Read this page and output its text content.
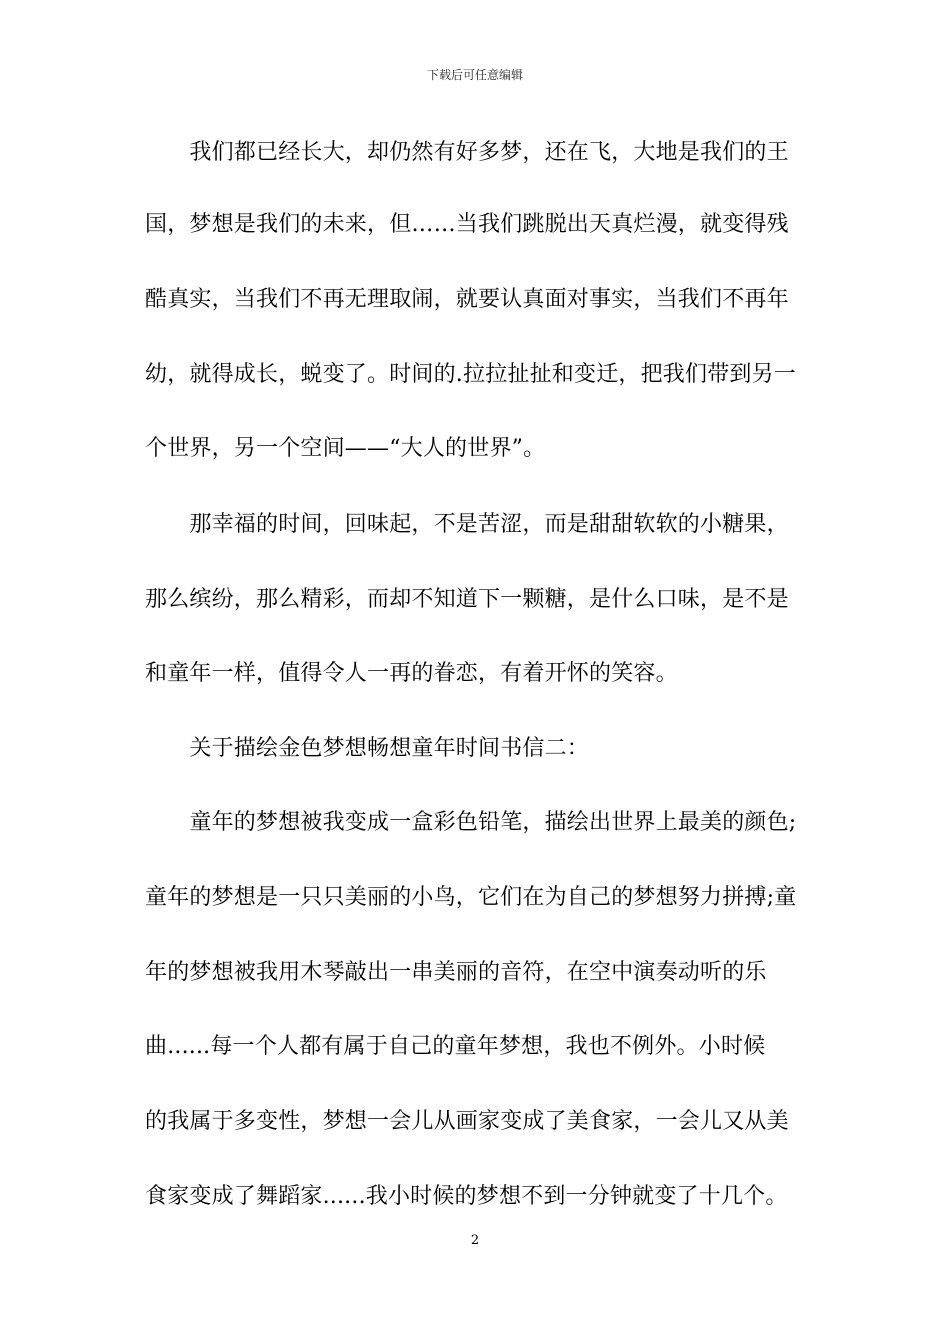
下载后可任意编辑
　　我们都已经长大，却仍然有好多梦，还在飞，大地是我们的王
国，梦想是我们的未来，但……当我们跳脱出天真烂漫，就变得残
酷真实，当我们不再无理取闹，就要认真面对事实，当我们不再年
幼，就得成长，蜕变了。时间的.拉拉扯扯和变迁，把我们带到另一
个世界，另一个空间——“大人的世界”。
　　那幸福的时间，回味起，不是苦涩，而是甜甜软软的小糖果，
那么缤纷，那么精彩，而却不知道下一颗糖，是什么口味，是不是
和童年一样，值得令人一再的眷恋，有着开怀的笑容。
　　关于描绘金色梦想畅想童年时间书信二：
　　童年的梦想被我变成一盒彩色铅笔，描绘出世界上最美的颜色;
童年的梦想是一只只美丽的小鸟，它们在为自己的梦想努力拼搏;童
年的梦想被我用木琴敲出一串美丽的音符，在空中演奏动听的乐
曲......每一个人都有属于自己的童年梦想，我也不例外。小时候
的我属于多变性，梦想一会儿从画家变成了美食家，一会儿又从美
食家变成了舞蹈家......我小时候的梦想不到一分钟就变了十几个。
2
